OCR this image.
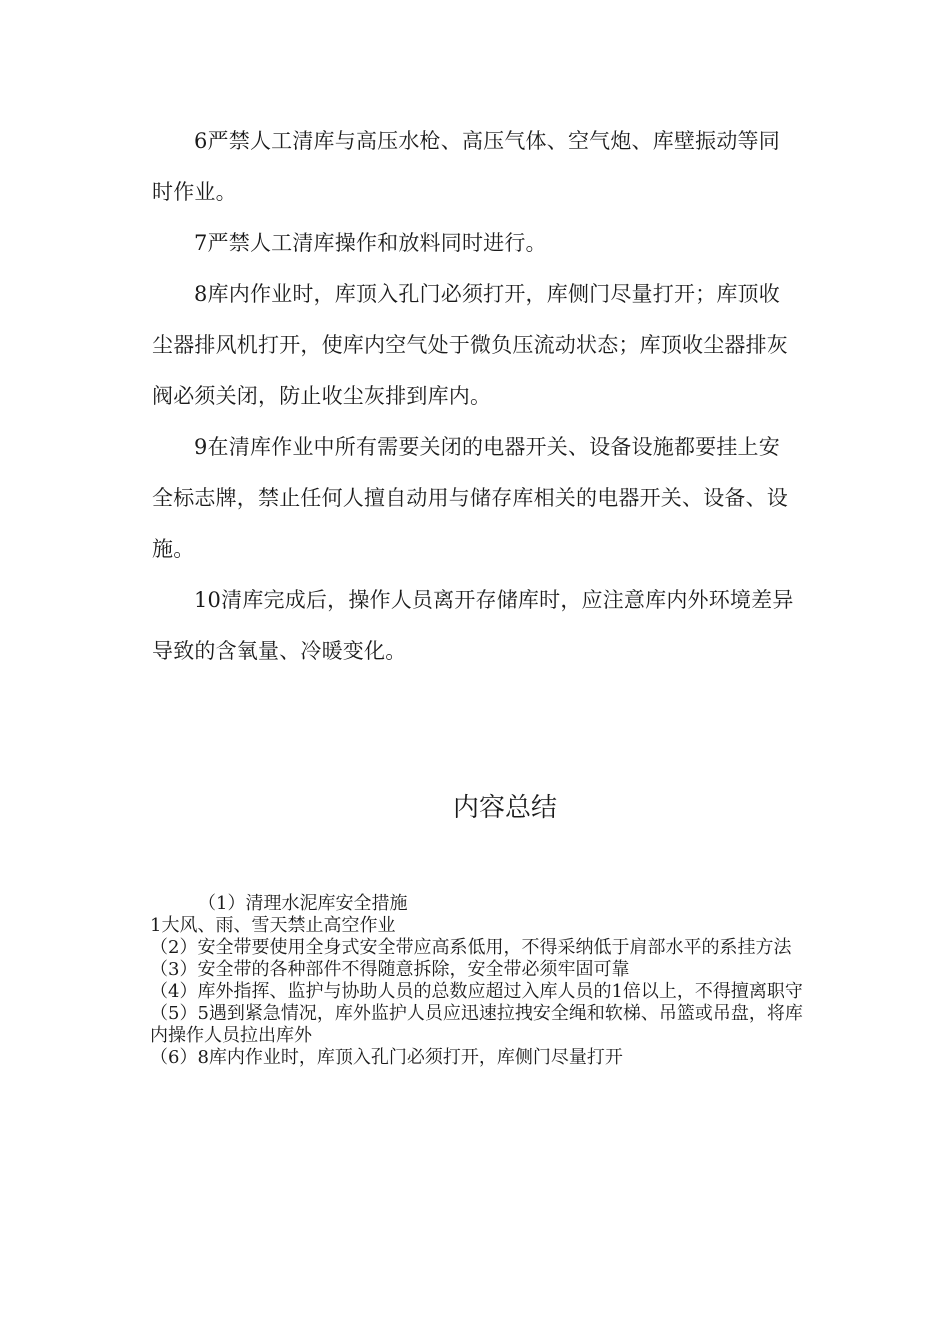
6严禁人工清库与高压水枪、高压气体、空气炮、库壁振动等同时作业。

7严禁人工清库操作和放料同时进行。

8库内作业时，库顶入孔门必须打开，库侧门尽量打开；库顶收尘器排风机打开，使库内空气处于微负压流动状态；库顶收尘器排灰阀必须关闭，防止收尘灰排到库内。

9在清库作业中所有需要关闭的电器开关、设备设施都要挂上安全标志牌，禁止任何人擅自动用与储存库相关的电器开关、设备、设施。

10清库完成后，操作人员离开存储库时，应注意库内外环境差异导致的含氧量、冷暖变化。

内容总结

（1）清理水泥库安全措施

1大风、雨、雪天禁止高空作业

（2）安全带要使用全身式安全带应高系低用，不得采纳低于肩部水平的系挂方法

（3）安全带的各种部件不得随意拆除，安全带必须牢固可靠

（4）库外指挥、监护与协助人员的总数应超过入库人员的1倍以上，不得擅离职守

（5）5遇到紧急情况，库外监护人员应迅速拉拽安全绳和软梯、吊篮或吊盘，将库内操作人员拉出库外

（6）8库内作业时，库顶入孔门必须打开，库侧门尽量打开
